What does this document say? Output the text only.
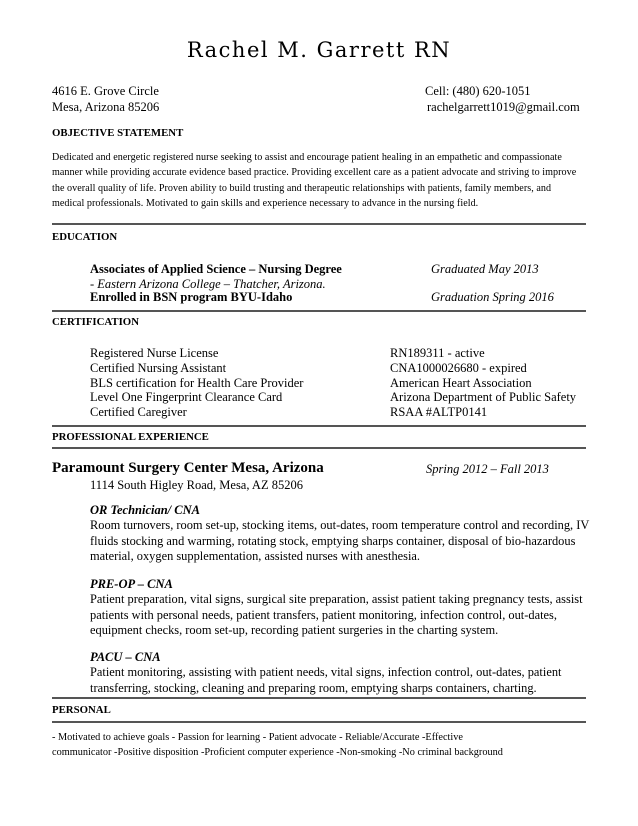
Rachel M. Garrett RN
4616 E. Grove Circle
Mesa, Arizona 85206
Cell: (480) 620-1051
rachelgarrett1019@gmail.com
OBJECTIVE STATEMENT
Dedicated and energetic registered nurse seeking to assist and encourage patient healing in an empathetic and compassionate manner while providing accurate evidence based practice. Providing excellent care as a patient advocate and striving to improve the overall quality of life. Proven ability to build trusting and therapeutic relationships with patients, family members, and medical professionals. Motivated to gain skills and experience necessary to advance in the nursing field.
EDUCATION
Associates of Applied Science – Nursing Degree	Graduated May 2013
- Eastern Arizona College – Thatcher, Arizona.
Enrolled in BSN program BYU-Idaho	Graduation Spring 2016
CERTIFICATION
Registered Nurse License	RN189311 - active
Certified Nursing Assistant	CNA1000026680 - expired
BLS certification for Health Care Provider	American Heart Association
Level One Fingerprint Clearance Card	Arizona Department of Public Safety
Certified Caregiver	RSAA #ALTP0141
PROFESSIONAL EXPERIENCE
Paramount Surgery Center Mesa, Arizona	Spring 2012 – Fall 2013
1114 South Higley Road, Mesa, AZ 85206
OR Technician/ CNA
Room turnovers, room set-up, stocking items, out-dates, room temperature control and recording, IV fluids stocking and warming, rotating stock, emptying sharps container, disposal of bio-hazardous material, oxygen supplementation, assisted nurses with anesthesia.
PRE-OP – CNA
Patient preparation, vital signs, surgical site preparation, assist patient taking pregnancy tests, assist patients with personal needs, patient transfers, patient monitoring, infection control, out-dates, equipment checks, room set-up, recording patient surgeries in the charting system.
PACU – CNA
Patient monitoring, assisting with patient needs, vital signs, infection control, out-dates, patient transferring, stocking, cleaning and preparing room, emptying sharps containers, charting.
PERSONAL
- Motivated to achieve goals - Passion for learning - Patient advocate - Reliable/Accurate -Effective
communicator -Positive disposition -Proficient computer experience -Non-smoking -No criminal background
